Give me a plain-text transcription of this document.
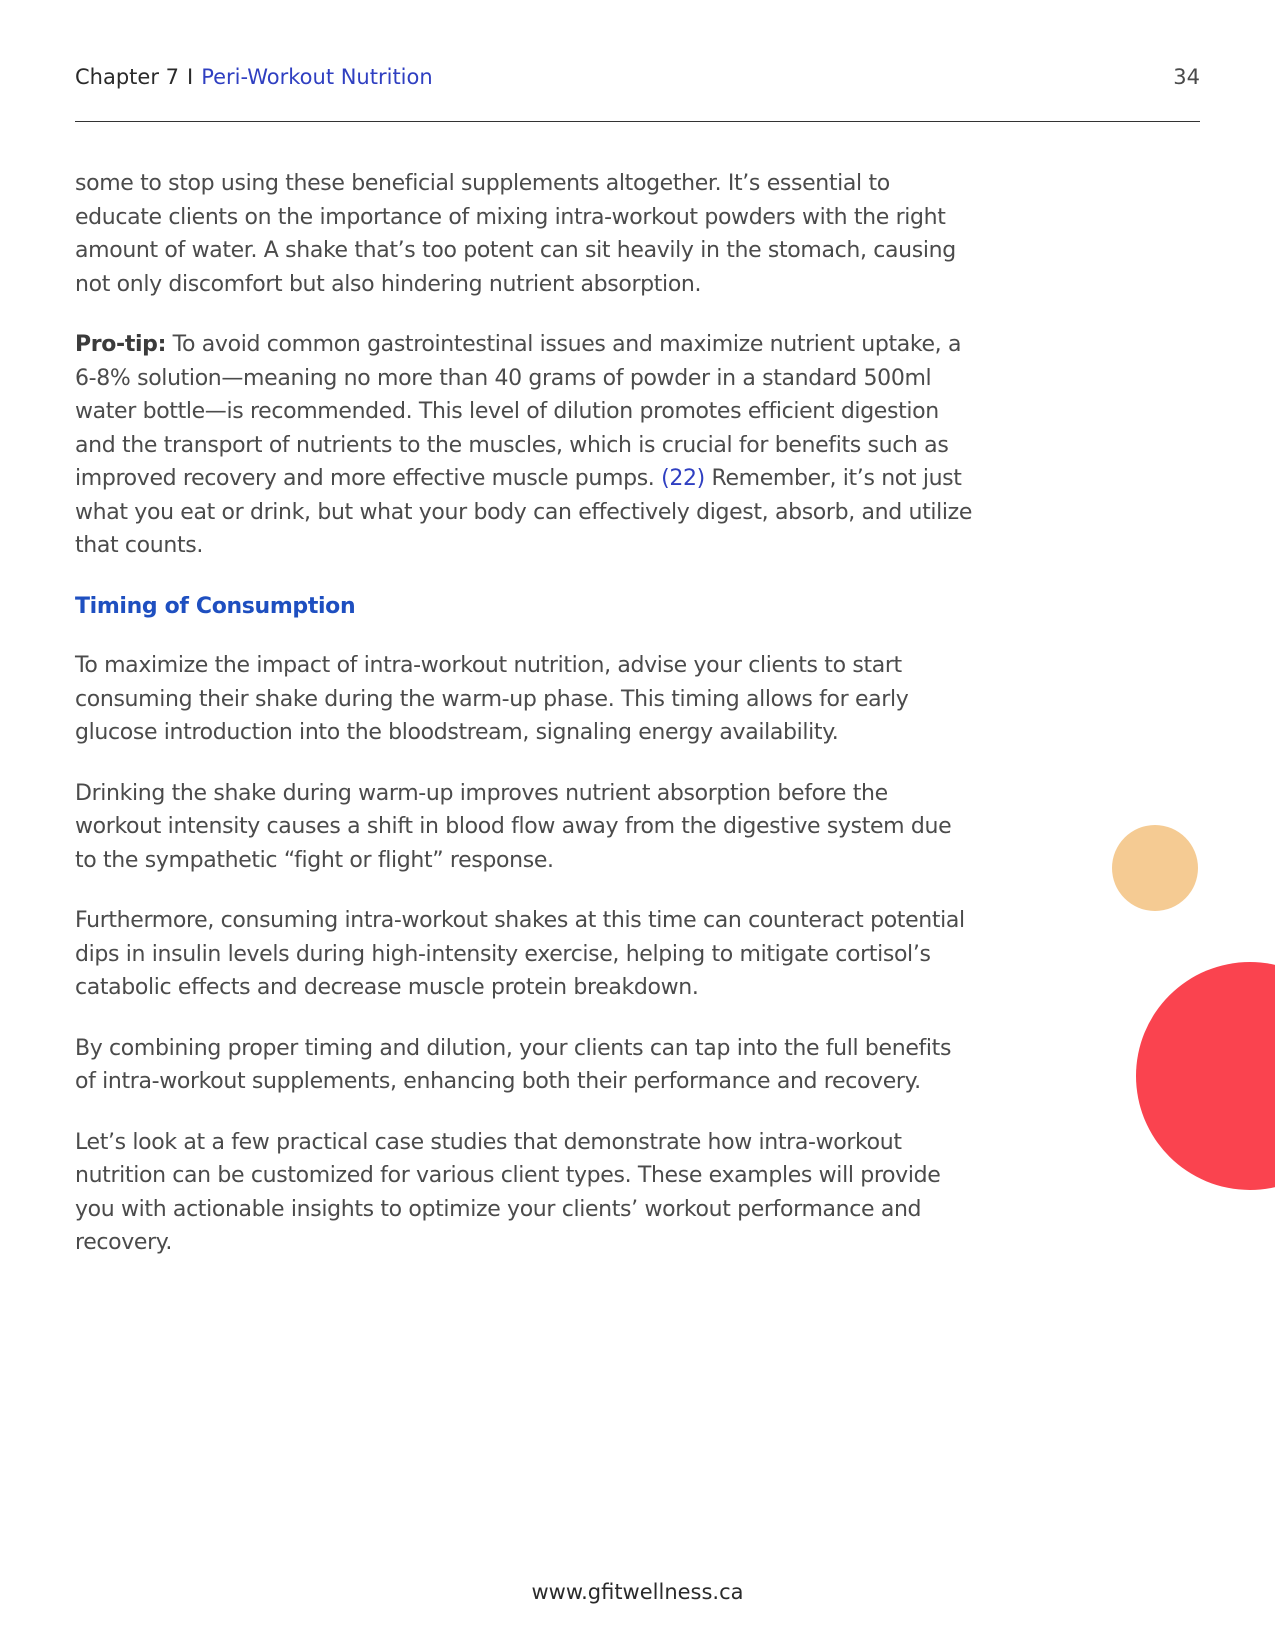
Chapter 7 I Peri-Workout Nutrition	34

some to stop using these beneficial supplements altogether. It’s essential to educate clients on the importance of mixing intra-workout powders with the right amount of water. A shake that’s too potent can sit heavily in the stomach, causing not only discomfort but also hindering nutrient absorption.

Pro-tip: To avoid common gastrointestinal issues and maximize nutrient uptake, a 6-8% solution—meaning no more than 40 grams of powder in a standard 500ml water bottle—is recommended. This level of dilution promotes efficient digestion and the transport of nutrients to the muscles, which is crucial for benefits such as improved recovery and more effective muscle pumps. (22) Remember, it’s not just what you eat or drink, but what your body can effectively digest, absorb, and utilize that counts.

Timing of Consumption

To maximize the impact of intra-workout nutrition, advise your clients to start consuming their shake during the warm-up phase. This timing allows for early glucose introduction into the bloodstream, signaling energy availability.

Drinking the shake during warm-up improves nutrient absorption before the workout intensity causes a shift in blood flow away from the digestive system due to the sympathetic “fight or flight” response.

Furthermore, consuming intra-workout shakes at this time can counteract potential dips in insulin levels during high-intensity exercise, helping to mitigate cortisol’s catabolic effects and decrease muscle protein breakdown.

By combining proper timing and dilution, your clients can tap into the full benefits of intra-workout supplements, enhancing both their performance and recovery.

Let’s look at a few practical case studies that demonstrate how intra-workout nutrition can be customized for various client types. These examples will provide you with actionable insights to optimize your clients’ workout performance and recovery.

www.gfitwellness.ca
